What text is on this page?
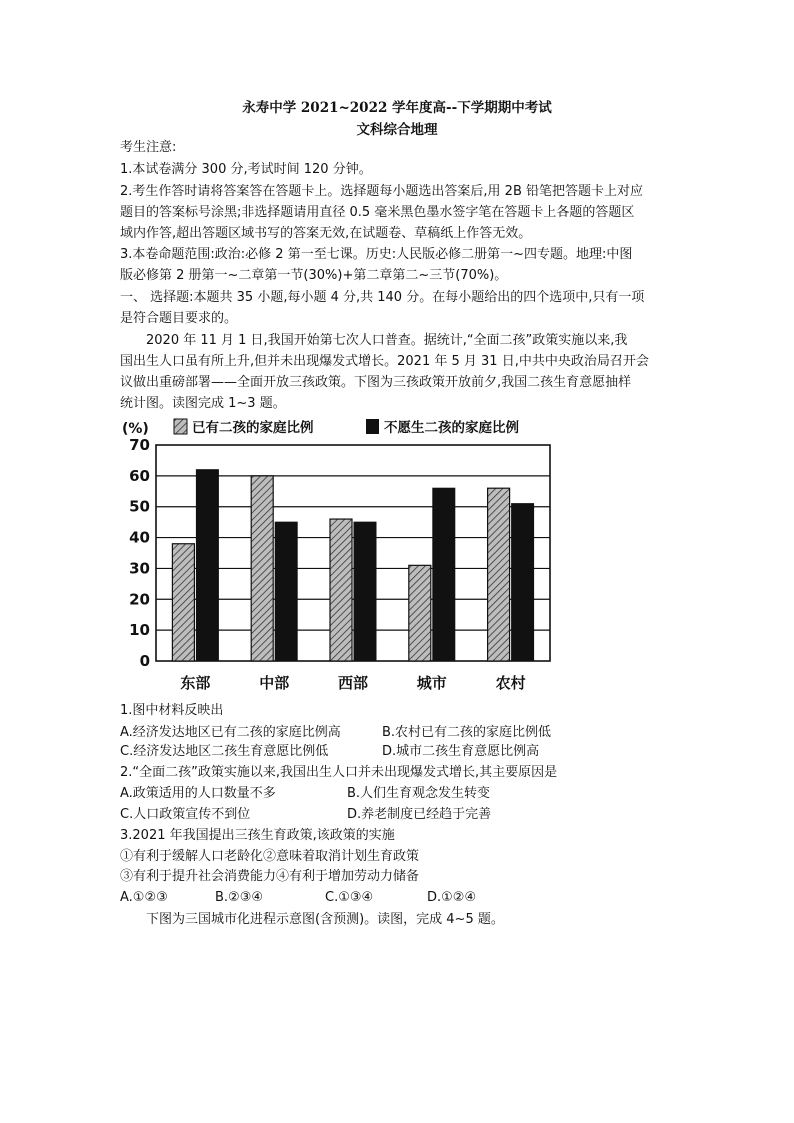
永寿中学 2021~2022 学年度高--下学期期中考试
文科综合地理
考生注意:
1.本试卷满分 300 分,考试时间 120 分钟。
2.考生作答时请将答案答在答题卡上。选择题每小题选出答案后,用 2B 铅笔把答题卡上对应
题目的答案标号涂黑;非选择题请用直径 0.5 毫米黑色墨水签字笔在答题卡上各题的答题区
域内作答,超出答题区域书写的答案无效,在试题卷、草稿纸上作答无效。
3.本卷命题范围:政治:必修 2 第一至七课。历史:人民版必修二册第一~四专题。地理:中图
版必修第 2 册第一~二章第一节(30%)+第二章第二~三节(70%)。
一、 选择题:本题共 35 小题,每小题 4 分,共 140 分。在每小题给出的四个选项中,只有一项
是符合题目要求的。
2020 年 11 月 1 日,我国开始第七次人口普查。据统计,“全面二孩”政策实施以来,我
国出生人口虽有所上升,但并未出现爆发式增长。2021 年 5 月 31 日,中共中央政治局召开会
议做出重磅部署——全面开放三孩政策。下图为三孩政策开放前夕,我国二孩生育意愿抽样
统计图。读图完成 1~3 题。
0
10
20
30
40
50
60
70
(%)	已有二孩的家庭比例	不愿生二孩的家庭比例
东部	中部	西部	城市	农村
1.图中材料反映出
A.经济发达地区已有二孩的家庭比例高	B.农村已有二孩的家庭比例低
C.经济发达地区二孩生育意愿比例低	D.城市二孩生育意愿比例高
2.“全面二孩”政策实施以来,我国出生人口并未出现爆发式增长,其主要原因是
A.政策适用的人口数量不多	B.人们生育观念发生转变
C.人口政策宣传不到位	D.养老制度已经趋于完善
3.2021 年我国提出三孩生育政策,该政策的实施
①有利于缓解人口老龄化②意味着取消计划生育政策
③有利于提升社会消费能力④有利于增加劳动力储备
A.①②③	B.②③④	C.①③④	D.①②④
下图为三国城市化进程示意图(含预测)。读图，完成 4~5 题。
